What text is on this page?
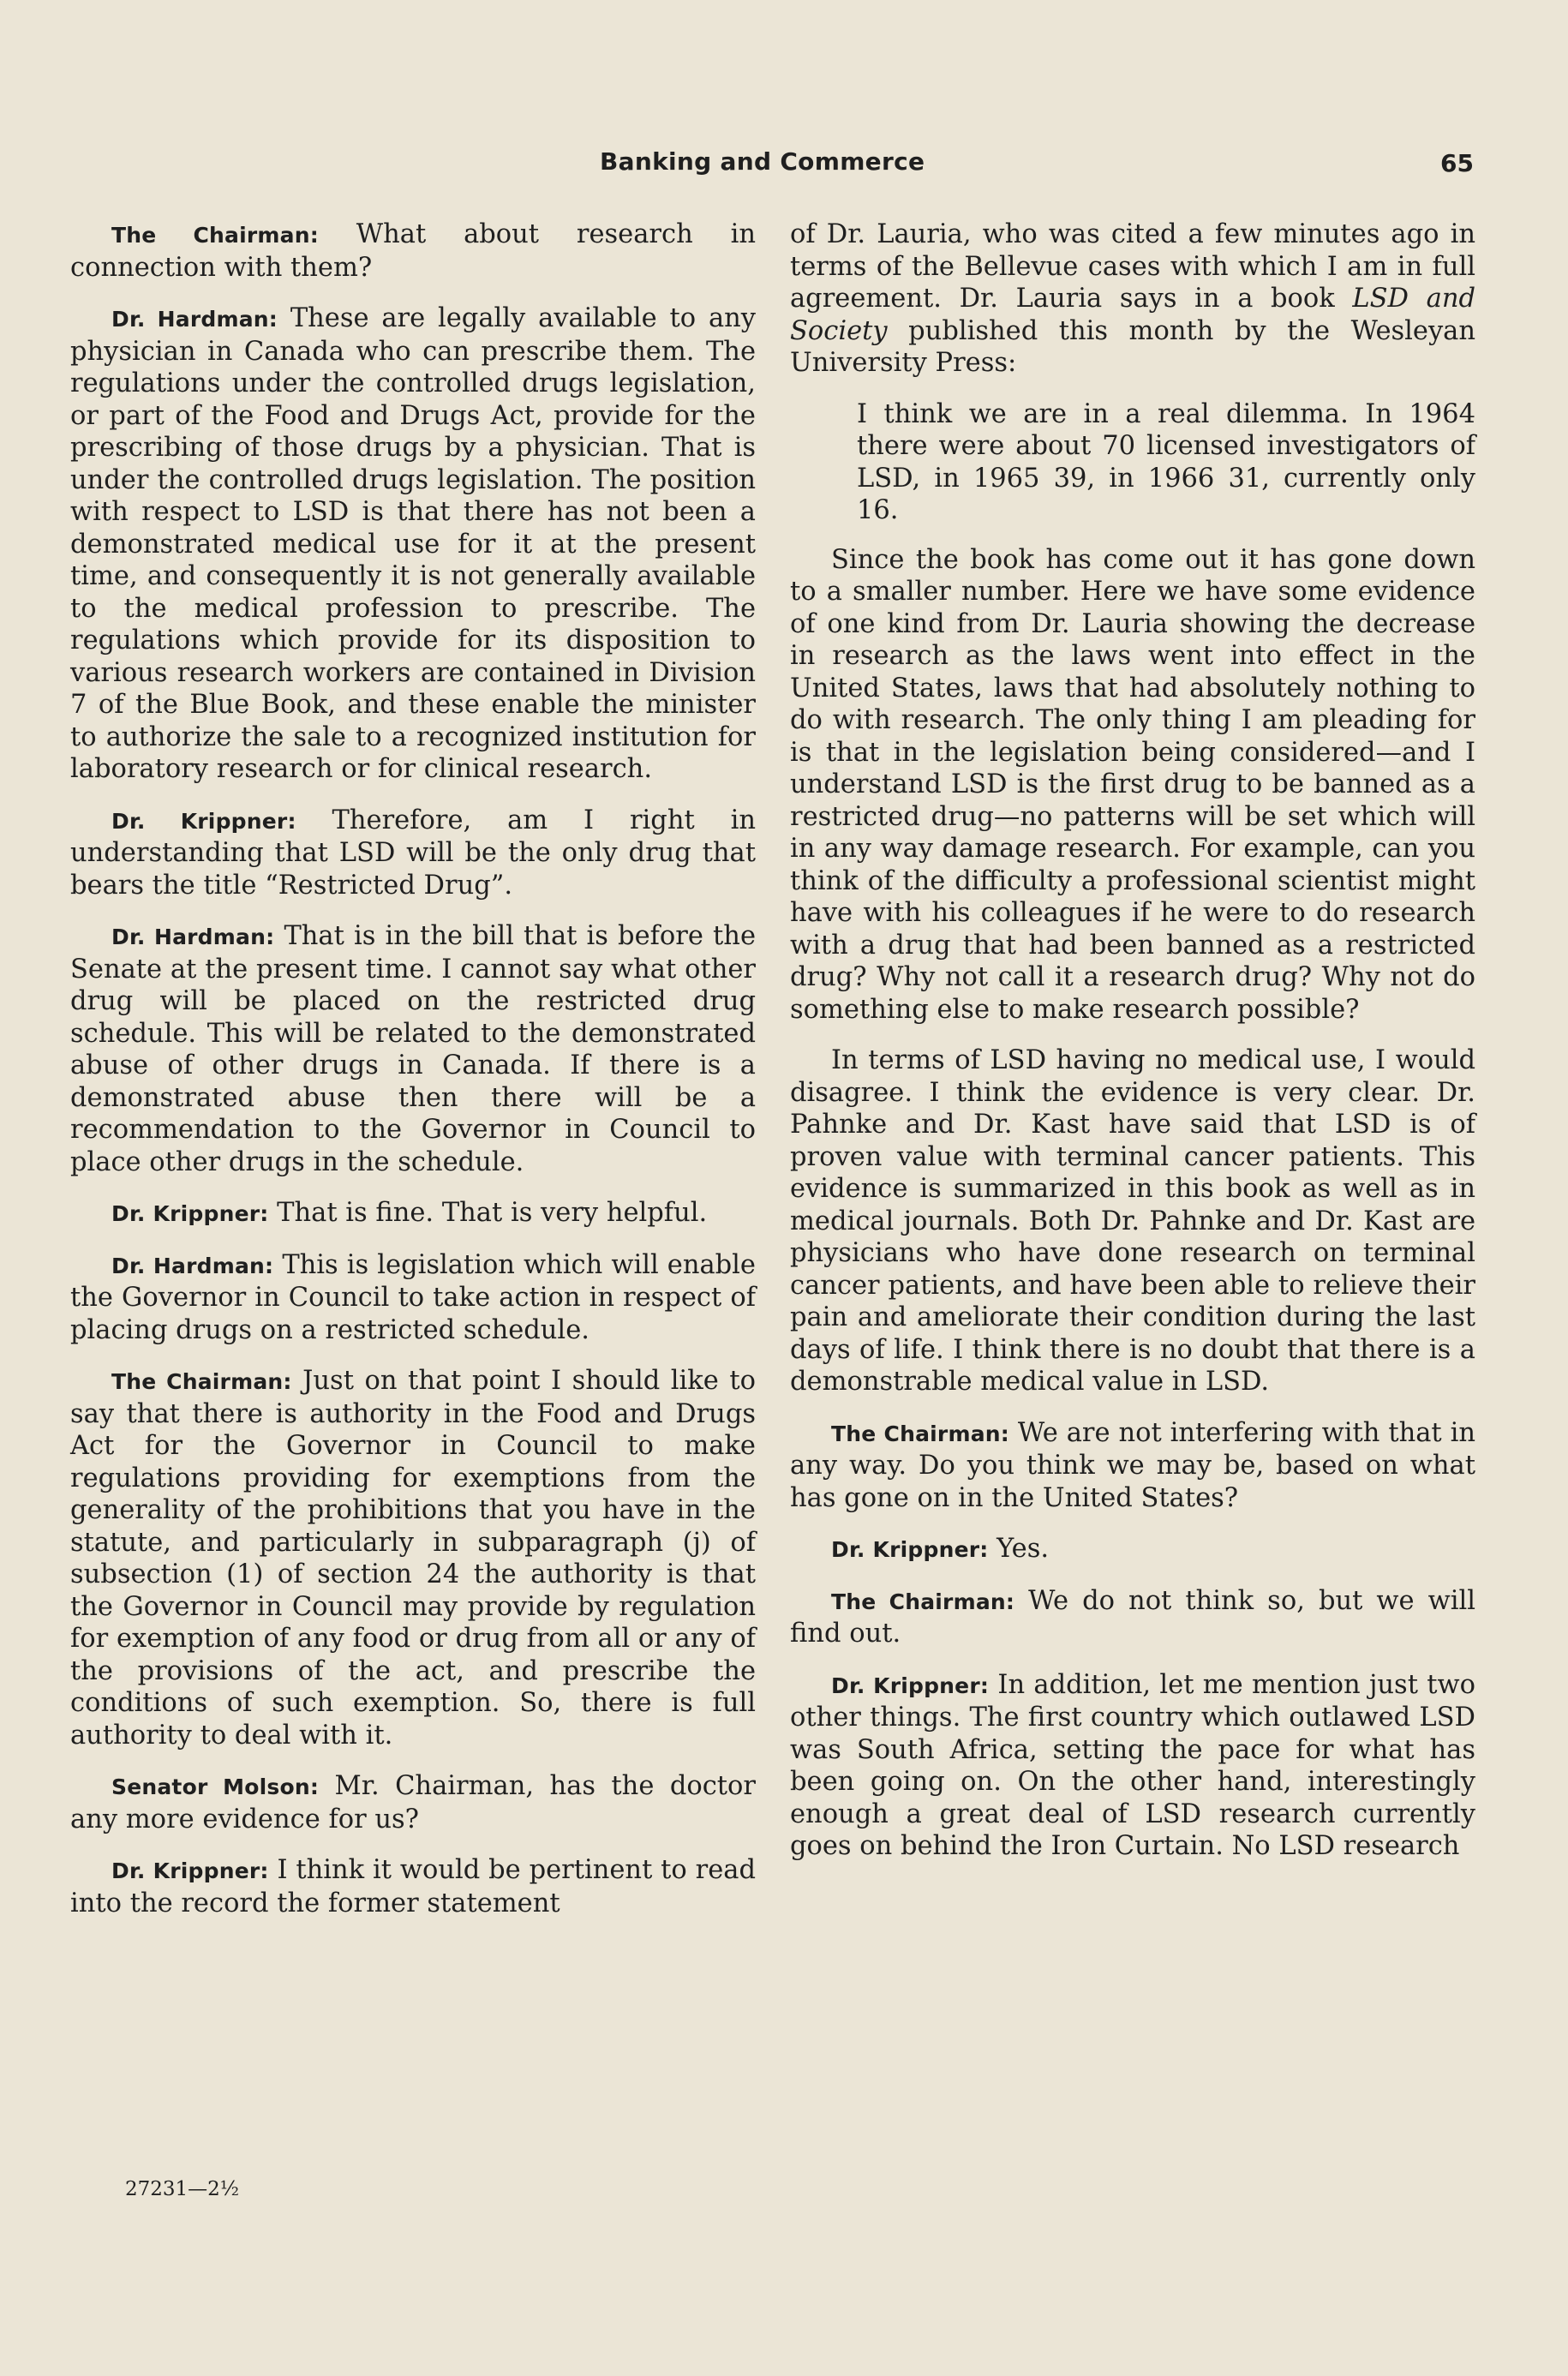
Banking and Commerce	65

The Chairman: What about research in connection with them?

Dr. Hardman: These are legally available to any physician in Canada who can prescribe them. The regulations under the controlled drugs legislation, or part of the Food and Drugs Act, provide for the prescribing of those drugs by a physician. That is under the controlled drugs legislation. The position with respect to LSD is that there has not been a demonstrated medical use for it at the present time, and consequently it is not generally available to the medical profession to prescribe. The regulations which provide for its disposition to various research workers are contained in Division 7 of the Blue Book, and these enable the minister to authorize the sale to a recognized institution for laboratory research or for clinical research.

Dr. Krippner: Therefore, am I right in understanding that LSD will be the only drug that bears the title “Restricted Drug”.

Dr. Hardman: That is in the bill that is before the Senate at the present time. I cannot say what other drug will be placed on the restricted drug schedule. This will be related to the demonstrated abuse of other drugs in Canada. If there is a demonstrated abuse then there will be a recommendation to the Governor in Council to place other drugs in the schedule.

Dr. Krippner: That is fine. That is very helpful.

Dr. Hardman: This is legislation which will enable the Governor in Council to take action in respect of placing drugs on a restricted schedule.

The Chairman: Just on that point I should like to say that there is authority in the Food and Drugs Act for the Governor in Council to make regulations providing for exemptions from the generality of the prohibitions that you have in the statute, and particularly in subparagraph (j) of subsection (1) of section 24 the authority is that the Governor in Council may provide by regulation for exemption of any food or drug from all or any of the provisions of the act, and prescribe the conditions of such exemption. So, there is full authority to deal with it.

Senator Molson: Mr. Chairman, has the doctor any more evidence for us?

Dr. Krippner: I think it would be pertinent to read into the record the former statement

27231—2½

of Dr. Lauria, who was cited a few minutes ago in terms of the Bellevue cases with which I am in full agreement. Dr. Lauria says in a book LSD and Society published this month by the Wesleyan University Press:

I think we are in a real dilemma. In 1964 there were about 70 licensed investigators of LSD, in 1965 39, in 1966 31, currently only 16.

Since the book has come out it has gone down to a smaller number. Here we have some evidence of one kind from Dr. Lauria showing the decrease in research as the laws went into effect in the United States, laws that had absolutely nothing to do with research. The only thing I am pleading for is that in the legislation being considered—and I understand LSD is the first drug to be banned as a restricted drug—no patterns will be set which will in any way damage research. For example, can you think of the difficulty a professional scientist might have with his colleagues if he were to do research with a drug that had been banned as a restricted drug? Why not call it a research drug? Why not do something else to make research possible?

In terms of LSD having no medical use, I would disagree. I think the evidence is very clear. Dr. Pahnke and Dr. Kast have said that LSD is of proven value with terminal cancer patients. This evidence is summarized in this book as well as in medical journals. Both Dr. Pahnke and Dr. Kast are physicians who have done research on terminal cancer patients, and have been able to relieve their pain and ameliorate their condition during the last days of life. I think there is no doubt that there is a demonstrable medical value in LSD.

The Chairman: We are not interfering with that in any way. Do you think we may be, based on what has gone on in the United States?

Dr. Krippner: Yes.

The Chairman: We do not think so, but we will find out.

Dr. Krippner: In addition, let me mention just two other things. The first country which outlawed LSD was South Africa, setting the pace for what has been going on. On the other hand, interestingly enough a great deal of LSD research currently goes on behind the Iron Curtain. No LSD research
